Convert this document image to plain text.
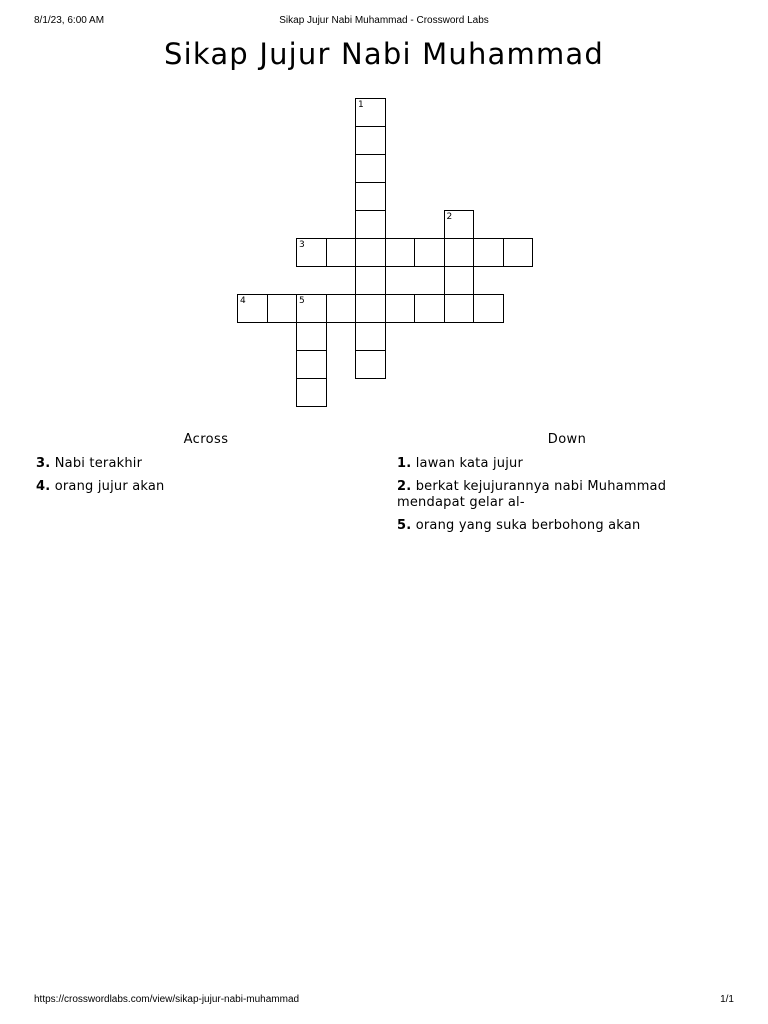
8/1/23, 6:00 AM	Sikap Jujur Nabi Muhammad - Crossword Labs
Sikap Jujur Nabi Muhammad
1
2
3
4	5
Across
3. Nabi terakhir
4. orang jujur akan
Down
1. lawan kata jujur
2. berkat kejujurannya nabi Muhammad mendapat gelar al-
5. orang yang suka berbohong akan
https://crosswordlabs.com/view/sikap-jujur-nabi-muhammad	1/1
